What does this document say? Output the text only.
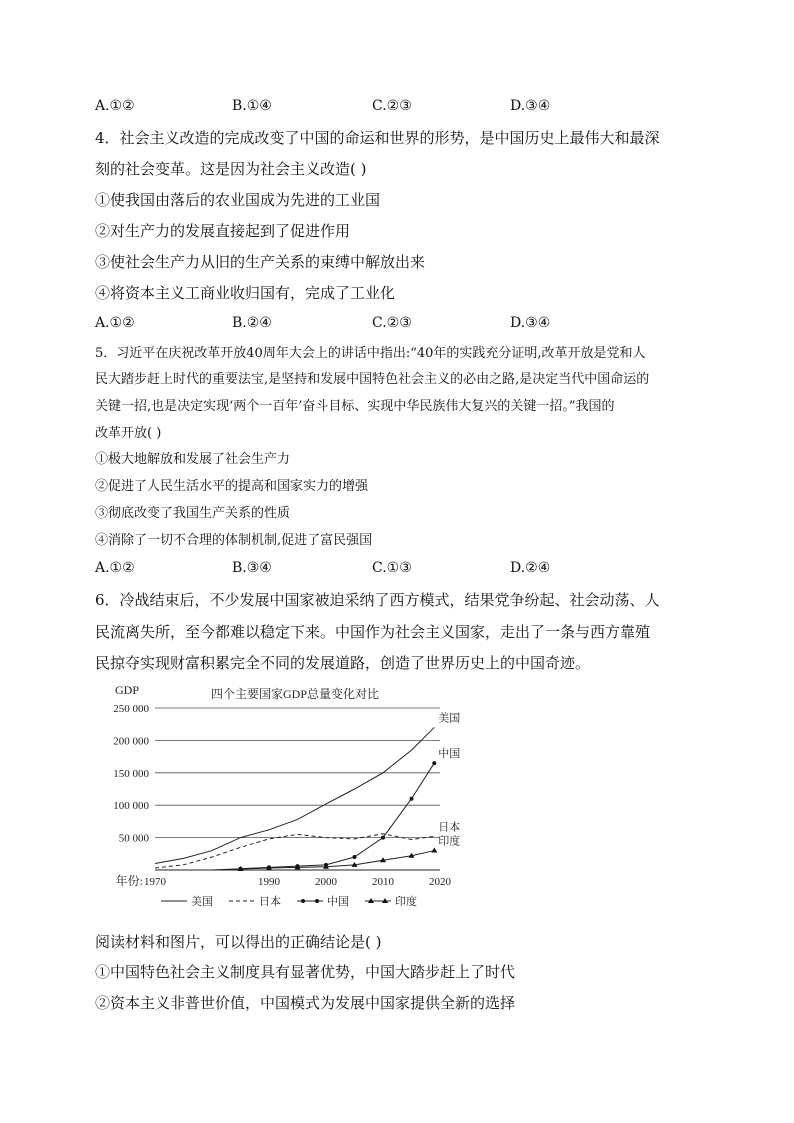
A.①②	B.①④	C.②③	D.③④
4．社会主义改造的完成改变了中国的命运和世界的形势，是中国历史上最伟大和最深
刻的社会变革。这是因为社会主义改造( )
①使我国由落后的农业国成为先进的工业国
②对生产力的发展直接起到了促进作用
③使社会生产力从旧的生产关系的束缚中解放出来
④将资本主义工商业收归国有，完成了工业化
A.①②	B.②④	C.②③	D.③④
5．习近平在庆祝改革开放40周年大会上的讲话中指出:“40年的实践充分证明,改革开放是党和人
民大踏步赶上时代的重要法宝,是坚持和发展中国特色社会主义的必由之路,是决定当代中国命运的
关键一招,也是决定实现‘两个一百年’奋斗目标、实现中华民族伟大复兴的关键一招。”我国的
改革开放( )
①极大地解放和发展了社会生产力
②促进了人民生活水平的提高和国家实力的增强
③彻底改变了我国生产关系的性质
④消除了一切不合理的体制机制,促进了富民强国
A.①②	B.③④	C.①③	D.②④
6．冷战结束后，不少发展中国家被迫采纳了西方模式，结果党争纷起、社会动荡、人
民流离失所，至今都难以稳定下来。中国作为社会主义国家，走出了一条与西方靠殖
民掠夺实现财富积累完全不同的发展道路，创造了世界历史上的中国奇迹。
GDP	四个主要国家GDP总量变化对比
250 000
200 000
150 000
100 000
50 000
1970	1990	2000	2010	2020
年份:
美国
日本
中国
印度
美国	日本	中国	印度
阅读材料和图片，可以得出的正确结论是( )
①中国特色社会主义制度具有显著优势，中国大踏步赶上了时代
②资本主义非普世价值，中国模式为发展中国家提供全新的选择
